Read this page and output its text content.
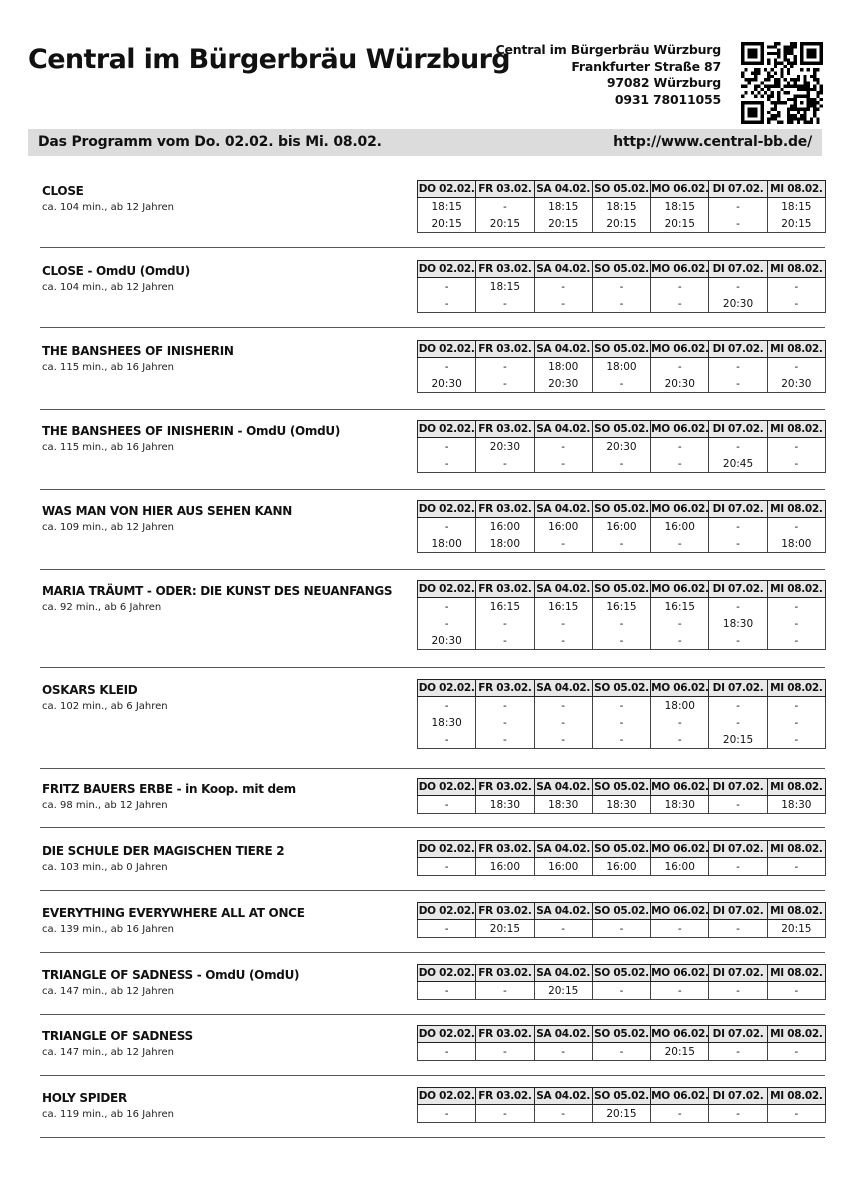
Central im Bürgerbräu Würzburg
Central im Bürgerbräu Würzburg
Frankfurter Straße 87
97082 Würzburg
0931 78011055
Das Programm vom Do. 02.02. bis Mi. 08.02.	http://www.central-bb.de/
CLOSE
ca. 104 min., ab 12 Jahren
DO 02.02.	FR 03.02.	SA 04.02.	SO 05.02.	MO 06.02.	DI 07.02.	MI 08.02.
18:15	-	18:15	18:15	18:15	-	18:15
20:15	20:15	20:15	20:15	20:15	-	20:15
CLOSE - OmdU (OmdU)
ca. 104 min., ab 12 Jahren
DO 02.02.	FR 03.02.	SA 04.02.	SO 05.02.	MO 06.02.	DI 07.02.	MI 08.02.
-	18:15	-	-	-	-	-
-	-	-	-	-	20:30	-
THE BANSHEES OF INISHERIN
ca. 115 min., ab 16 Jahren
DO 02.02.	FR 03.02.	SA 04.02.	SO 05.02.	MO 06.02.	DI 07.02.	MI 08.02.
-	-	18:00	18:00	-	-	-
20:30	-	20:30	-	20:30	-	20:30
THE BANSHEES OF INISHERIN - OmdU (OmdU)
ca. 115 min., ab 16 Jahren
DO 02.02.	FR 03.02.	SA 04.02.	SO 05.02.	MO 06.02.	DI 07.02.	MI 08.02.
-	20:30	-	20:30	-	-	-
-	-	-	-	-	20:45	-
WAS MAN VON HIER AUS SEHEN KANN
ca. 109 min., ab 12 Jahren
DO 02.02.	FR 03.02.	SA 04.02.	SO 05.02.	MO 06.02.	DI 07.02.	MI 08.02.
-	16:00	16:00	16:00	16:00	-	-
18:00	18:00	-	-	-	-	18:00
MARIA TRÄUMT - ODER: DIE KUNST DES NEUANFANGS
ca. 92 min., ab 6 Jahren
DO 02.02.	FR 03.02.	SA 04.02.	SO 05.02.	MO 06.02.	DI 07.02.	MI 08.02.
-	16:15	16:15	16:15	16:15	-	-
-	-	-	-	-	18:30	-
20:30	-	-	-	-	-	-
OSKARS KLEID
ca. 102 min., ab 6 Jahren
DO 02.02.	FR 03.02.	SA 04.02.	SO 05.02.	MO 06.02.	DI 07.02.	MI 08.02.
-	-	-	-	18:00	-	-
18:30	-	-	-	-	-	-
-	-	-	-	-	20:15	-
FRITZ BAUERS ERBE - in Koop. mit dem
ca. 98 min., ab 12 Jahren
DO 02.02.	FR 03.02.	SA 04.02.	SO 05.02.	MO 06.02.	DI 07.02.	MI 08.02.
-	18:30	18:30	18:30	18:30	-	18:30
DIE SCHULE DER MAGISCHEN TIERE 2
ca. 103 min., ab 0 Jahren
DO 02.02.	FR 03.02.	SA 04.02.	SO 05.02.	MO 06.02.	DI 07.02.	MI 08.02.
-	16:00	16:00	16:00	16:00	-	-
EVERYTHING EVERYWHERE ALL AT ONCE
ca. 139 min., ab 16 Jahren
DO 02.02.	FR 03.02.	SA 04.02.	SO 05.02.	MO 06.02.	DI 07.02.	MI 08.02.
-	20:15	-	-	-	-	20:15
TRIANGLE OF SADNESS - OmdU (OmdU)
ca. 147 min., ab 12 Jahren
DO 02.02.	FR 03.02.	SA 04.02.	SO 05.02.	MO 06.02.	DI 07.02.	MI 08.02.
-	-	20:15	-	-	-	-
TRIANGLE OF SADNESS
ca. 147 min., ab 12 Jahren
DO 02.02.	FR 03.02.	SA 04.02.	SO 05.02.	MO 06.02.	DI 07.02.	MI 08.02.
-	-	-	-	20:15	-	-
HOLY SPIDER
ca. 119 min., ab 16 Jahren
DO 02.02.	FR 03.02.	SA 04.02.	SO 05.02.	MO 06.02.	DI 07.02.	MI 08.02.
-	-	-	20:15	-	-	-
